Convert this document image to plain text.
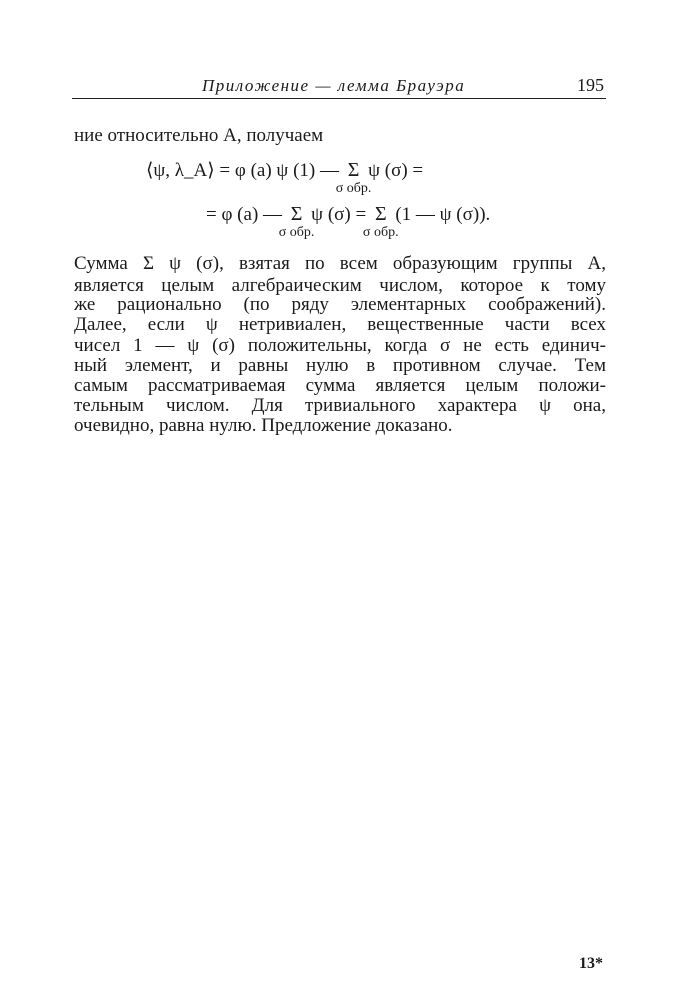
Приложение — лемма Брауэра	195
ние относительно A, получаем
⟨ψ, λ_A⟩ = φ (a) ψ (1) — Σ
σ обр.
ψ (σ) =
= φ (a) — Σ
σ обр.
ψ (σ) = Σ
σ обр.
(1 — ψ (σ)).
Сумма Σ ψ (σ), взятая по всем образующим группы A,
является целым алгебраическим числом, которое к тому
же рационально (по ряду элементарных соображений).
Далее, если ψ нетривиален, вещественные части всех
чисел 1 — ψ (σ) положительны, когда σ не есть единич-
ный элемент, и равны нулю в противном случае. Тем
самым рассматриваемая сумма является целым положи-
тельным числом. Для тривиального характера ψ она,
очевидно, равна нулю. Предложение доказано.
13*
